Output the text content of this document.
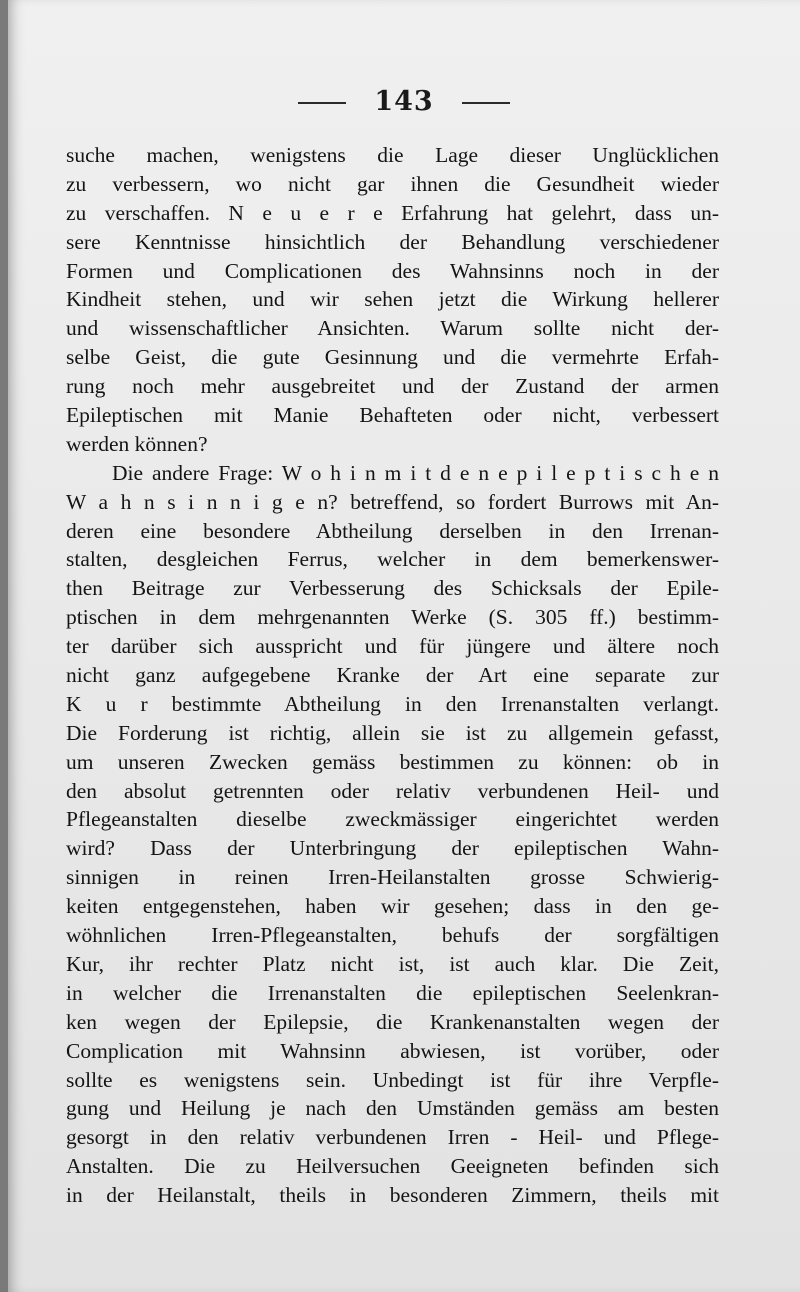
143
suche machen, wenigstens die Lage dieser Unglücklichen
zu verbessern, wo nicht gar ihnen die Gesundheit wieder
zu verschaffen. N e u e r e Erfahrung hat gelehrt, dass un-
sere Kenntnisse hinsichtlich der Behandlung verschiedener
Formen und Complicationen des Wahnsinns noch in der
Kindheit stehen, und wir sehen jetzt die Wirkung hellerer
und wissenschaftlicher Ansichten. Warum sollte nicht der-
selbe Geist, die gute Gesinnung und die vermehrte Erfah-
rung noch mehr ausgebreitet und der Zustand der armen
Epileptischen mit Manie Behafteten oder nicht, verbessert
werden können?
Die andere Frage: W o h i n m i t d e n e p i l e p t i s c h e n
W a h n s i n n i g e n? betreffend, so fordert Burrows mit An-
deren eine besondere Abtheilung derselben in den Irrenan-
stalten, desgleichen Ferrus, welcher in dem bemerkenswer-
then Beitrage zur Verbesserung des Schicksals der Epile-
ptischen in dem mehrgenannten Werke (S. 305 ff.) bestimm-
ter darüber sich ausspricht und für jüngere und ältere noch
nicht ganz aufgegebene Kranke der Art eine separate zur
K u r bestimmte Abtheilung in den Irrenanstalten verlangt.
Die Forderung ist richtig, allein sie ist zu allgemein gefasst,
um unseren Zwecken gemäss bestimmen zu können: ob in
den absolut getrennten oder relativ verbundenen Heil- und
Pflegeanstalten dieselbe zweckmässiger eingerichtet werden
wird? Dass der Unterbringung der epileptischen Wahn-
sinnigen in reinen Irren-Heilanstalten grosse Schwierig-
keiten entgegenstehen, haben wir gesehen; dass in den ge-
wöhnlichen Irren-Pflegeanstalten, behufs der sorgfältigen
Kur, ihr rechter Platz nicht ist, ist auch klar. Die Zeit,
in welcher die Irrenanstalten die epileptischen Seelenkran-
ken wegen der Epilepsie, die Krankenanstalten wegen der
Complication mit Wahnsinn abwiesen, ist vorüber, oder
sollte es wenigstens sein. Unbedingt ist für ihre Verpfle-
gung und Heilung je nach den Umständen gemäss am besten
gesorgt in den relativ verbundenen Irren - Heil- und Pflege-
Anstalten. Die zu Heilversuchen Geeigneten befinden sich
in der Heilanstalt, theils in besonderen Zimmern, theils mit
